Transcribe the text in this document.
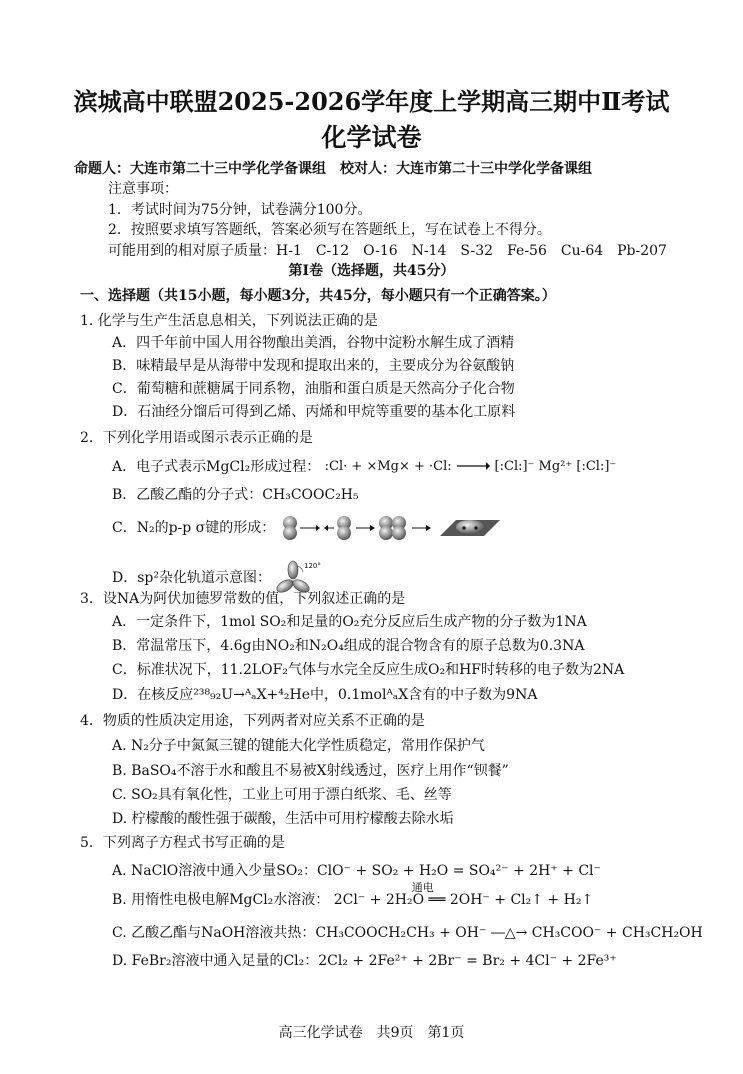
滨城高中联盟2025-2026学年度上学期高三期中Ⅱ考试
化学试卷
命题人：大连市第二十三中学化学备课组　校对人：大连市第二十三中学化学备课组
注意事项：
1．考试时间为75分钟，试卷满分100分。
2．按照要求填写答题纸，答案必须写在答题纸上，写在试卷上不得分。
可能用到的相对原子质量：H-1　C-12　O-16　N-14　S-32　Fe-56　Cu-64　Pb-207
第Ⅰ卷（选择题，共45分）
一、选择题（共15小题，每小题3分，共45分，每小题只有一个正确答案。）
1. 化学与生产生活息息相关，下列说法正确的是
A．四千年前中国人用谷物酿出美酒，谷物中淀粉水解生成了酒精
B．味精最早是从海带中发现和提取出来的，主要成分为谷氨酸钠
C．葡萄糖和蔗糖属于同系物，油脂和蛋白质是天然高分子化合物
D．石油经分馏后可得到乙烯、丙烯和甲烷等重要的基本化工原料
2．下列化学用语或图示表示正确的是
A．电子式表示MgCl₂形成过程： :Cl· + ×Mg× + ·Cl: → [:Cl:]⁻ Mg²⁺ [:Cl:]⁻
B．乙酸乙酯的分子式：CH₃COOC₂H₅
C．N₂的p-p σ键的形成：
D．sp²杂化轨道示意图：
120°
3．设NA为阿伏加德罗常数的值，下列叙述正确的是
A．一定条件下，1mol SO₂和足量的O₂充分反应后生成产物的分子数为1NA
B．常温常压下，4.6g由NO₂和N₂O₄组成的混合物含有的原子总数为0.3NA
C．标准状况下，11.2LOF₂气体与水完全反应生成O₂和HF时转移的电子数为2NA
D．在核反应²³⁸₉₂U→ᴬₐX+⁴₂He中，0.1molᴬₐX含有的中子数为9NA
4．物质的性质决定用途，下列两者对应关系不正确的是
A. N₂分子中氮氮三键的键能大化学性质稳定，常用作保护气
B. BaSO₄不溶于水和酸且不易被X射线透过，医疗上用作“钡餐”
C. SO₂具有氧化性，工业上可用于漂白纸浆、毛、丝等
D. 柠檬酸的酸性强于碳酸，生活中可用柠檬酸去除水垢
5．下列离子方程式书写正确的是
A. NaClO溶液中通入少量SO₂：ClO⁻ + SO₂ + H₂O = SO₄²⁻ + 2H⁺ + Cl⁻
B. 用惰性电极电解MgCl₂水溶液：
通电
2Cl⁻ + 2H₂O ══ 2OH⁻ + Cl₂↑ + H₂↑
C. 乙酸乙酯与NaOH溶液共热：CH₃COOCH₂CH₃ + OH⁻ ―△→ CH₃COO⁻ + CH₃CH₂OH
D. FeBr₂溶液中通入足量的Cl₂：2Cl₂ + 2Fe²⁺ + 2Br⁻ = Br₂ + 4Cl⁻ + 2Fe³⁺
高三化学试卷　共9页　第1页
